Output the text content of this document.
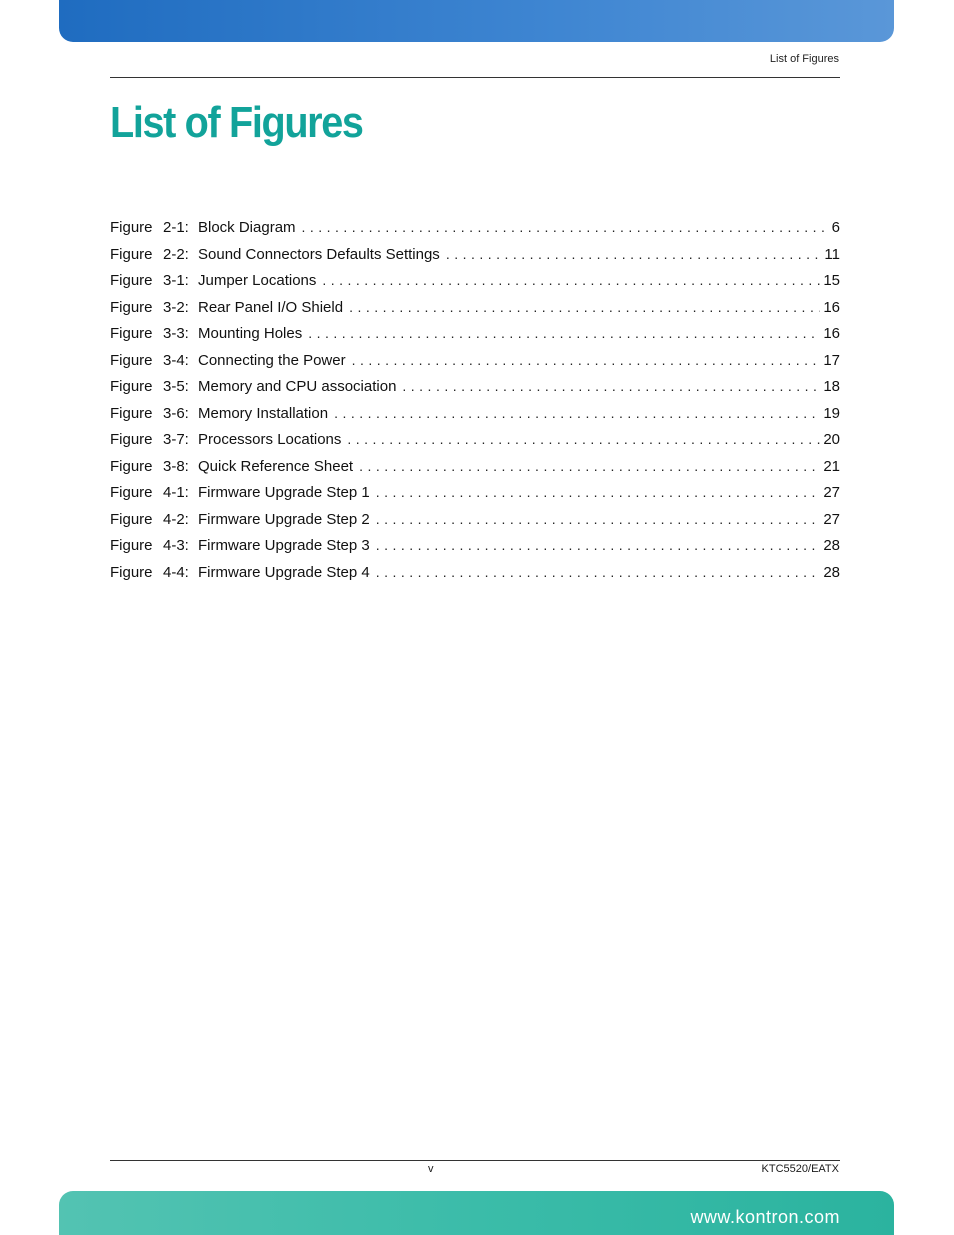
List of Figures
List of Figures
Figure 2-1: Block Diagram . . .	6
Figure 2-2: Sound Connectors Defaults Settings . . .	11
Figure 3-1: Jumper Locations . . .	15
Figure 3-2: Rear Panel I/O Shield . . .	16
Figure 3-3: Mounting Holes . . .	16
Figure 3-4: Connecting the Power . . .	17
Figure 3-5: Memory and CPU association . . .	18
Figure 3-6: Memory Installation . . .	19
Figure 3-7: Processors Locations . . .	20
Figure 3-8: Quick Reference Sheet . . .	21
Figure 4-1: Firmware Upgrade Step 1 . . .	27
Figure 4-2: Firmware Upgrade Step 2 . . .	27
Figure 4-3: Firmware Upgrade Step 3 . . .	28
Figure 4-4: Firmware Upgrade Step 4 . . .	28
v	KTC5520/EATX
www.kontron.com
